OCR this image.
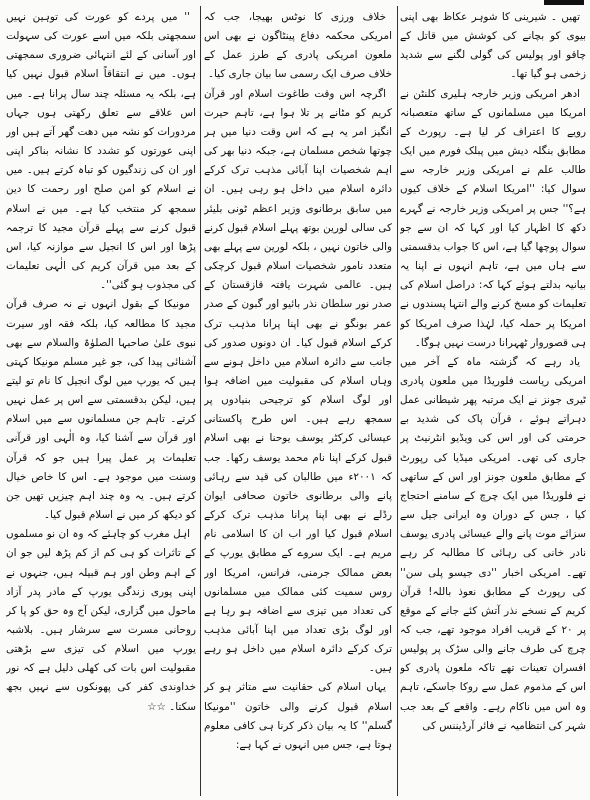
تھیں ۔ شیرینی کا شوہر عکاظ بھی اپنی بیوی کو بچانے کی کوشش میں قاتل کے چاقو اور پولیس کی گولی لگنے سے شدید زخمی ہو گیا تھا۔

ادھر امریکی وزیر خارجہ ہلیری کلنٹن نے امریکا میں مسلمانوں کے ساتھ متعصبانہ رویے کا اعتراف کر لیا ہے۔ رپورٹ کے مطابق بنگلہ دیش میں پبلک فورم میں ایک طالب علم نے امریکی وزیر خارجہ سے سوال کیا: ''امریکا اسلام کے خلاف کیوں ہے؟'' جس پر امریکی وزیر خارجہ نے گہرے دکھ کا اظہار کیا اور کہا کہ ان سے جو سوال پوچھا گیا ہے، اس کا جواب بدقسمتی سے ہاں میں ہے، تاہم انہوں نے اپنا یہ بیانیہ بدلتے ہوئے کہا کہ: دراصل اسلام کی تعلیمات کو مسخ کرنے والے انتہا پسندوں نے امریکا پر حملہ کیا، لہٰذا صرف امریکا کو ہی قصوروار ٹھہرانا درست نہیں ہوگا۔

یاد رہے کہ گزشتہ ماہ کے آخر میں امریکی ریاست فلوریڈا میں ملعون پادری ٹیری جونز نے ایک مرتبہ پھر شیطانی عمل دہراتے ہوئے ، قرآن پاک کی شدید بے حرمتی کی اور اس کی ویڈیو انٹرنیٹ پر جاری کی تھی۔ امریکی میڈیا کی رپورٹ کے مطابق ملعون جونز اور اس کے ساتھی نے فلوریڈا میں ایک چرچ کے سامنے احتجاج کیا ، جس کے دوران وہ ایرانی جیل سے سزائے موت پانے والے عیسائی پادری یوسف نادر خانی کی رہائی کا مطالبہ کر رہے تھے۔ امریکی اخبار ''دی جیسو پلی سن'' کی رپورٹ کے مطابق نعوذ باللہ! قرآن کریم کے نسخے نذر آتش کئے جانے کے موقع پر ۲۰ کے قریب افراد موجود تھے، جب کہ چرچ کی طرف جانے والی سڑک پر پولیس افسران تعینات تھے تاکہ ملعون پادری کو اس کے مذموم عمل سے روکا جاسکے، تاہم وہ اس میں ناکام رہے۔ واقعے کے بعد جب شہر کی انتظامیہ نے فائر آرڈیننس کی

خلاف ورزی کا نوٹس بھیجا، جب کہ امریکی محکمہ دفاع پینٹاگون نے بھی اس ملعون امریکی پادری کے طرز عمل کے خلاف صرف ایک رسمی سا بیان جاری کیا۔

اگرچہ اس وقت طاغوت اسلام اور قرآن کریم کو مٹانے پر تلا ہوا ہے، تاہم حیرت انگیز امر یہ ہے کہ اس وقت دنیا میں ہر چوتھا شخص مسلمان ہے، جبکہ دنیا بھر کی اہم شخصیات اپنا آبائی مذہب ترک کرکے دائرہ اسلام میں داخل ہو رہی ہیں۔ ان میں سابق برطانوی وزیر اعظم ٹونی بلیئر کی سالی لورین بوتھ پہلے اسلام قبول کرنے والی خاتون نہیں ، بلکہ لورین سے پہلے بھی متعدد نامور شخصیات اسلام قبول کرچکی ہیں۔ عالمی شہرت یافتہ قازقستان کے صدر نور سلطان نذر بائیو اور گبون کے صدر عمر بونگو نے بھی اپنا پرانا مذہب ترک کرکے اسلام قبول کیا۔ ان دونوں صدور کی جانب سے دائرہ اسلام میں داخل ہونے سے وہاں اسلام کی مقبولیت میں اضافہ ہوا اور لوگ اسلام کو ترجیحی بنیادوں پر سمجھ رہے ہیں۔ اس طرح پاکستانی عیسائی کرکٹر یوسف یوحنا نے بھی اسلام قبول کرکے اپنا نام محمد یوسف رکھا۔ جب کہ ۲۰۰۱ء میں طالبان کی قید سے رہائی پانے والی برطانوی خاتون صحافی ایوان رڈلے نے بھی اپنا پرانا مذہب ترک کرکے اسلام قبول کیا اور اب ان کا اسلامی نام مریم ہے۔ ایک سروے کے مطابق یورپ کے بعض ممالک جرمنی، فرانس، امریکا اور روس سمیت کئی ممالک میں مسلمانوں کی تعداد میں تیزی سے اضافہ ہو رہا ہے اور لوگ بڑی تعداد میں اپنا آبائی مذہب ترک کرکے دائرہ اسلام میں داخل ہو رہے ہیں۔

یہاں اسلام کی حقانیت سے متاثر ہو کر اسلام قبول کرنے والی خاتون ''مونیکا گسلم'' کا یہ بیان ذکر کرنا ہی کافی معلوم ہوتا ہے، جس میں انہوں نے کہا ہے:

'' میں پردے کو عورت کی توہین نہیں سمجھتی بلکہ میں اسے عورت کی سہولت اور آسانی کے لئے انتہائی ضروری سمجھتی ہوں۔ میں نے انتقاقاً اسلام قبول نہیں کیا ہے، بلکہ یہ مسئلہ چند سال پرانا ہے۔ میں اس علاقے سے تعلق رکھتی ہوں جہاں مردورات کو نشہ میں دھت گھر آتے ہیں اور اپنی عورتوں کو تشدد کا نشانہ بناکر اپنی اور ان کی زندگیوں کو تباہ کرتے ہیں۔ میں نے اسلام کو امن صلح اور رحمت کا دین سمجھ کر منتخب کیا ہے۔ میں نے اسلام قبول کرنے سے پہلے قرآن مجید کا ترجمہ پڑھا اور اس کا انجیل سے موازنہ کیا، اس کے بعد میں قرآن کریم کی الٰہی تعلیمات کی مجذوب ہو گئی''۔

مونیکا کے بقول انہوں نے نہ صرف قرآن مجید کا مطالعہ کیا، بلکہ فقہ اور سیرت نبوی علیٰ صاحبہا الصلوٰۃ والسلام سے بھی آشنائی پیدا کی، جو غیر مسلم مونیکا کہتی ہیں کہ یورپ میں لوگ انجیل کا نام تو لیتے ہیں، لیکن بدقسمتی سے اس پر عمل نہیں کرتے۔ تاہم جن مسلمانوں سے میں اسلام اور قرآن سے آشنا کیا، وہ الٰہی اور قرآنی تعلیمات پر عمل پیرا ہیں جو کہ قرآن وسنت میں موجود ہے۔ اس کا خاص خیال کرتے ہیں۔ یہ وہ چند اہم چیزیں تھیں جن کو دیکھ کر میں نے اسلام قبول کیا۔

اہل مغرب کو چاہئے کہ وہ ان نو مسلموں کے تاثرات کو ہی کم از کم پڑھ لیں جو ان کے اہم وطن اور ہم قبیلہ ہیں، جنہوں نے اپنی پوری زندگی یورپ کے مادر پدر آزاد ماحول میں گزاری، لیکن آج وہ حق کو پا کر روحانی مسرت سے سرشار ہیں۔ بلاشبہ یورپ میں اسلام کی تیزی سے بڑھتی مقبولیت اس بات کی کھلی دلیل ہے کہ نور خداوندی کفر کی پھونکوں سے نہیں بجھ سکتا۔ ☆☆
